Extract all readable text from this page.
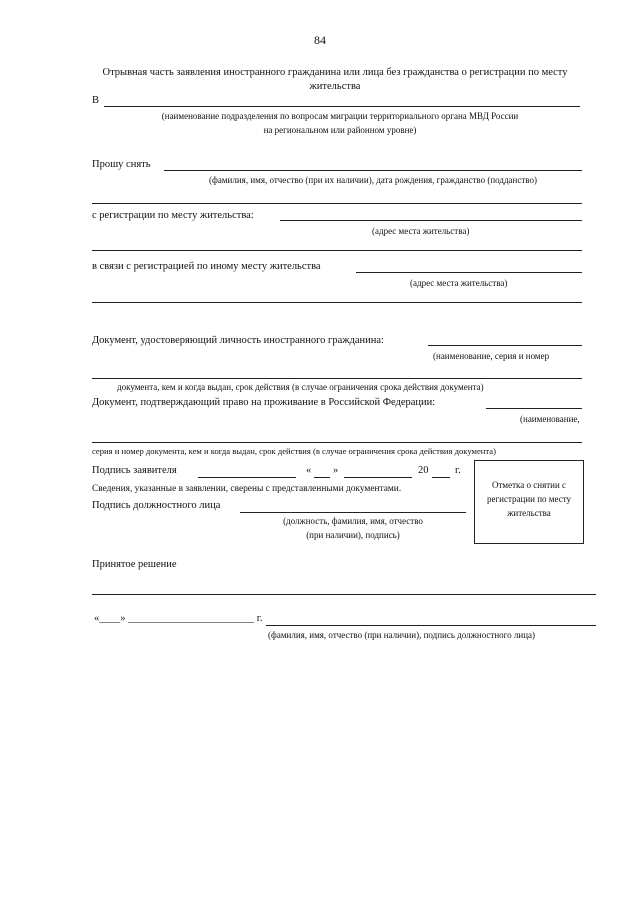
84
Отрывная часть заявления иностранного гражданина или лица без гражданства о регистрации по месту
жительства
В
(наименование подразделения по вопросам миграции территориального органа МВД России
на региональном или районном уровне)
Прошу снять
(фамилия, имя, отчество (при их наличии), дата рождения, гражданство (подданство)
с регистрации по месту жительства:
(адрес места жительства)
в связи с регистрацией по иному месту жительства
(адрес места жительства)
Документ, удостоверяющий личность иностранного гражданина:
(наименование, серия и номер
документа, кем и когда выдан, срок действия (в случае ограничения срока действия документа)
Документ, подтверждающий право на проживание в Российской Федерации:
(наименование,
серия и номер документа, кем и когда выдан, срок действия (в случае ограничения срока действия документа)
Подпись заявителя	« »	20	г.
Сведения, указанные в заявлении, сверены с представленными документами.
Подпись должностного лица
(должность, фамилия, имя, отчество
(при наличии), подпись)
Отметка о снятии с
регистрации по месту
жительства
Принятое решение
«____» ________________________ г.
(фамилия, имя, отчество (при наличии), подпись должностного лица)
